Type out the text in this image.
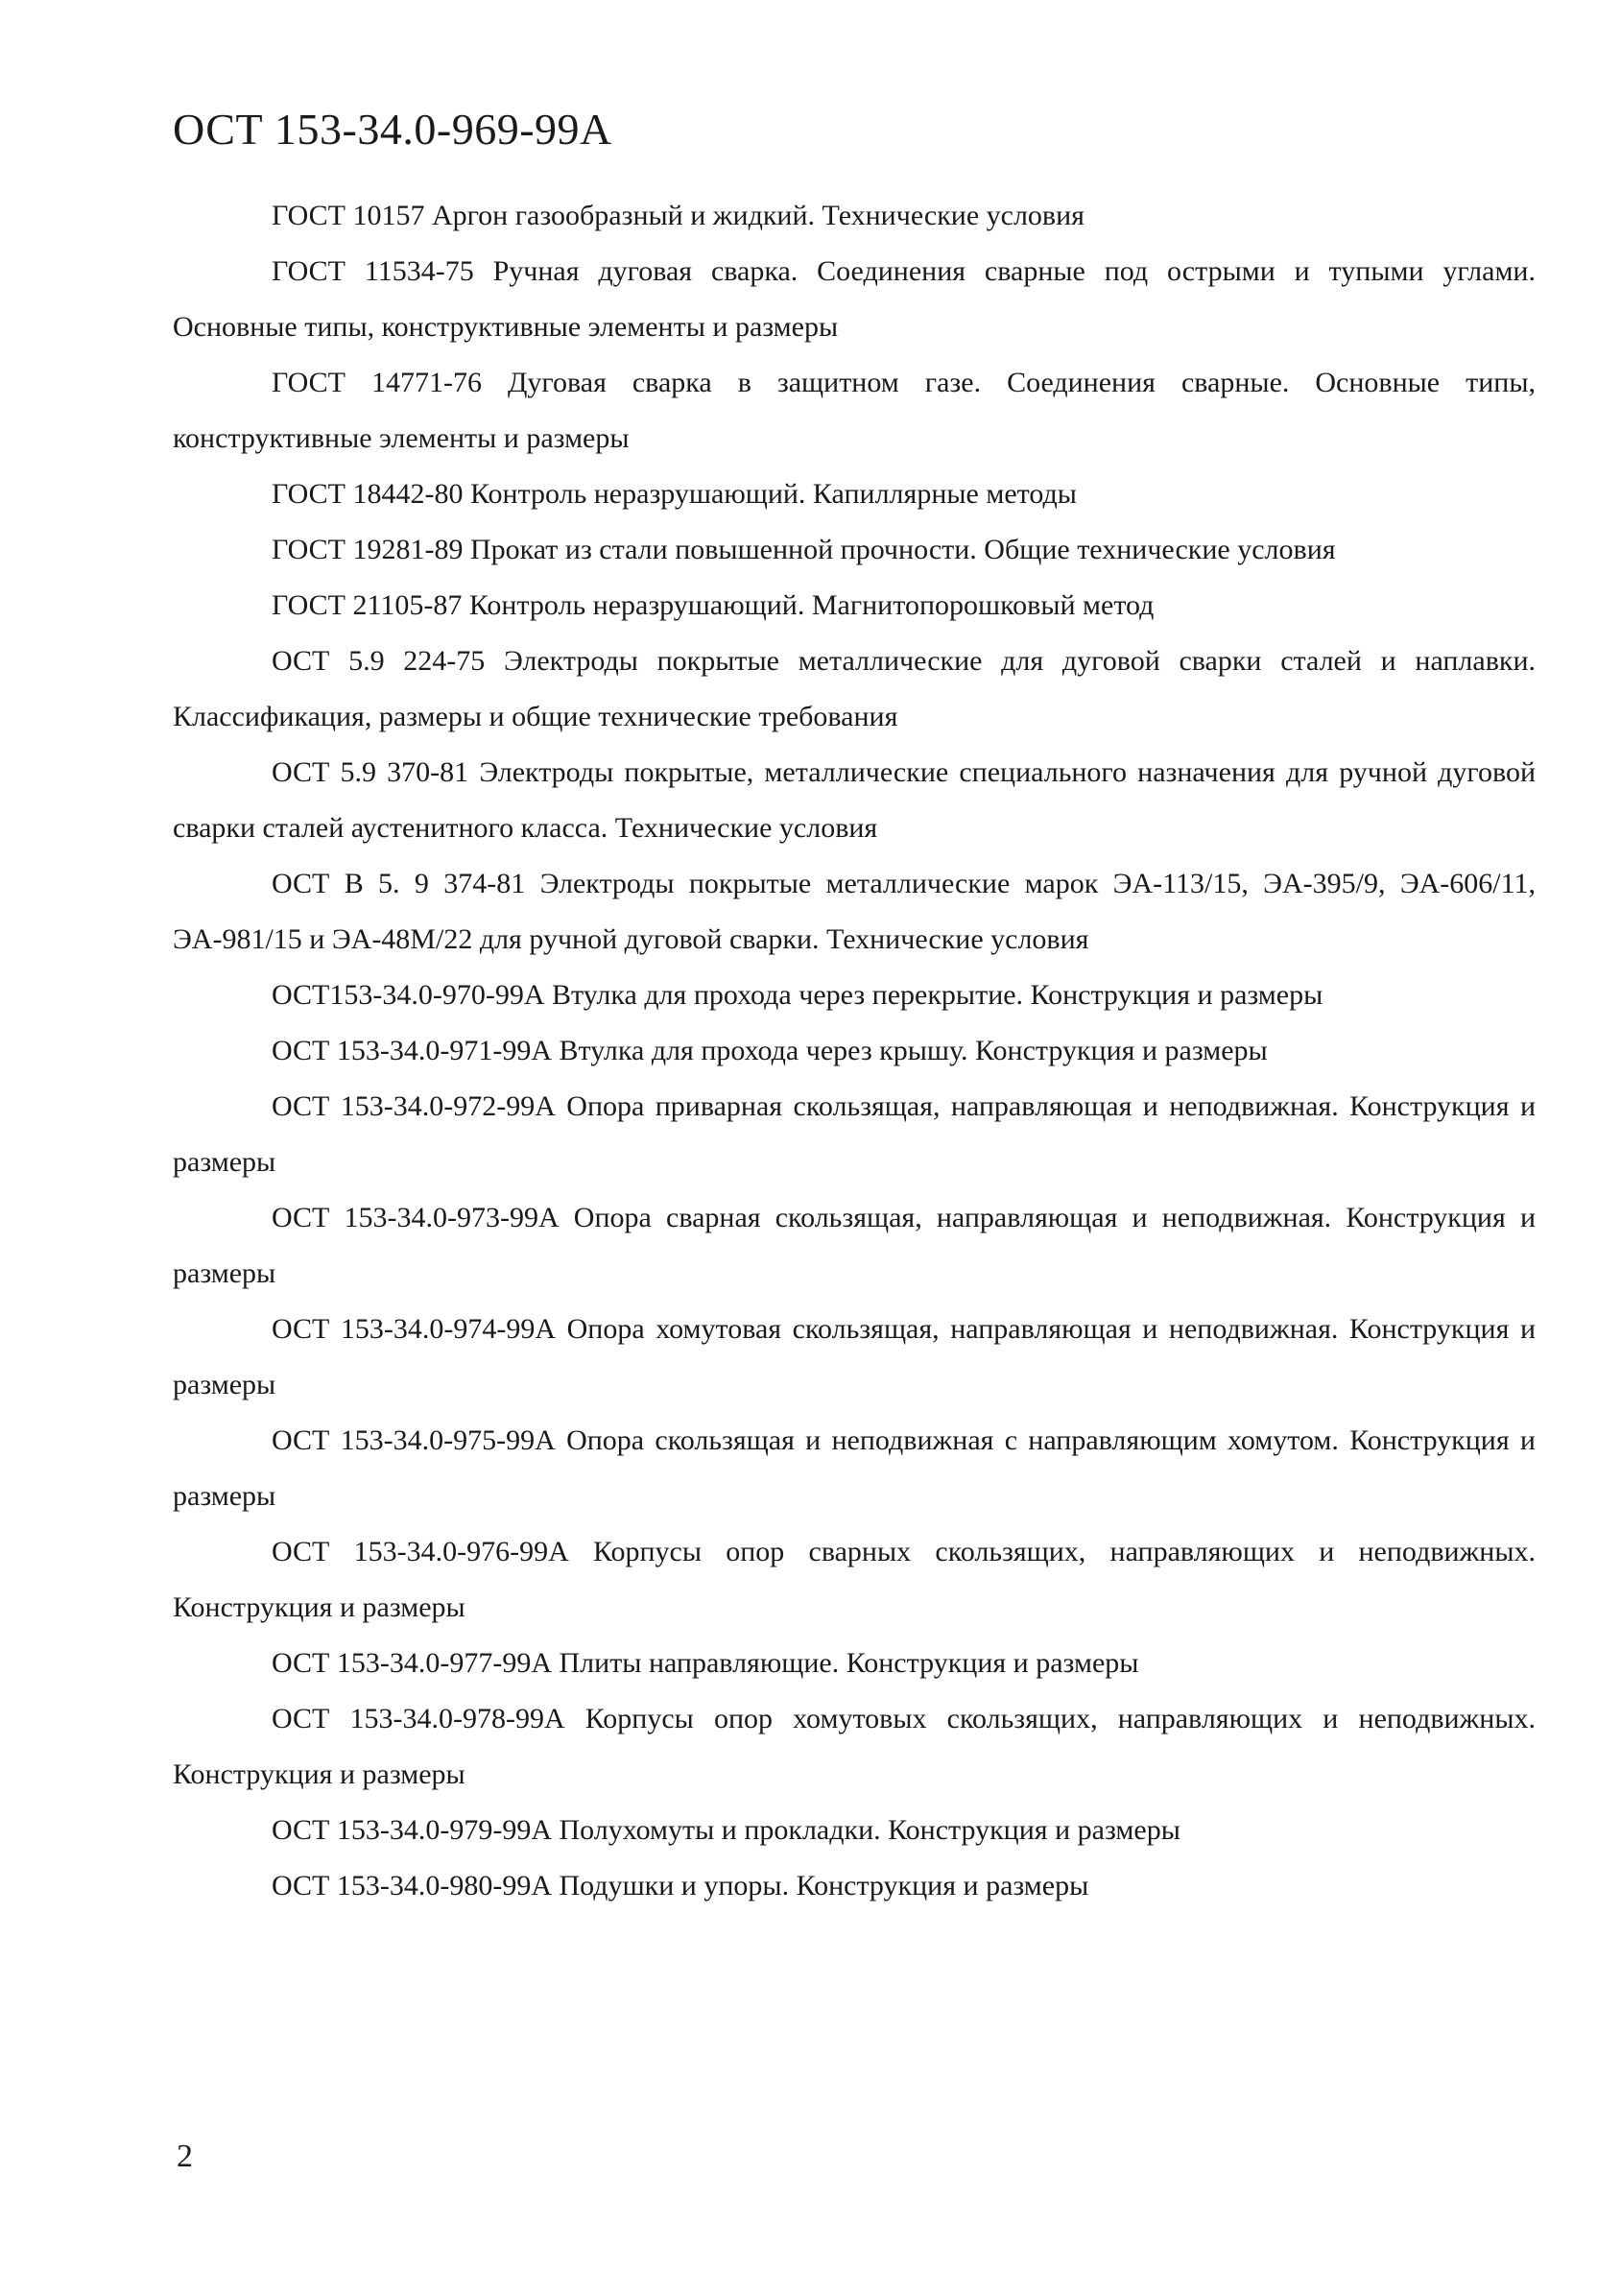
ОСТ 153-34.0-969-99А
ГОСТ 10157 Аргон газообразный и жидкий. Технические условия
ГОСТ 11534-75 Ручная дуговая сварка. Соединения сварные под острыми и тупыми углами. Основные типы, конструктивные элементы и размеры
ГОСТ 14771-76 Дуговая сварка в защитном газе. Соединения сварные. Основные типы, конструктивные элементы и размеры
ГОСТ 18442-80 Контроль неразрушающий. Капиллярные методы
ГОСТ 19281-89 Прокат из стали повышенной прочности. Общие технические условия
ГОСТ 21105-87 Контроль неразрушающий. Магнитопорошковый метод
ОСТ 5.9 224-75 Электроды покрытые металлические для дуговой сварки сталей и наплавки. Классификация, размеры и общие технические требования
ОСТ 5.9 370-81 Электроды покрытые, металлические специального назначения для ручной дуговой сварки сталей аустенитного класса. Технические условия
ОСТ В 5. 9 374-81 Электроды покрытые металлические марок ЭА-113/15, ЭА-395/9, ЭА-606/11, ЭА-981/15 и ЭА-48М/22 для ручной дуговой сварки. Технические условия
ОСТ153-34.0-970-99А Втулка для прохода через перекрытие. Конструкция и размеры
ОСТ 153-34.0-971-99А Втулка для прохода через крышу. Конструкция и размеры
ОСТ 153-34.0-972-99А Опора приварная скользящая, направляющая и неподвижная. Конструкция и размеры
ОСТ 153-34.0-973-99А Опора сварная скользящая, направляющая и неподвижная. Конструкция и размеры
ОСТ 153-34.0-974-99А Опора хомутовая скользящая, направляющая и неподвижная. Конструкция и размеры
ОСТ 153-34.0-975-99А Опора скользящая и неподвижная с направляющим хомутом. Конструкция и размеры
ОСТ 153-34.0-976-99А Корпусы опор сварных скользящих, направляющих и неподвижных. Конструкция и размеры
ОСТ 153-34.0-977-99А Плиты направляющие. Конструкция и размеры
ОСТ 153-34.0-978-99А Корпусы опор хомутовых скользящих, направляющих и неподвижных. Конструкция и размеры
ОСТ 153-34.0-979-99А Полухомуты и прокладки. Конструкция и размеры
ОСТ 153-34.0-980-99А Подушки и упоры. Конструкция и размеры
2
